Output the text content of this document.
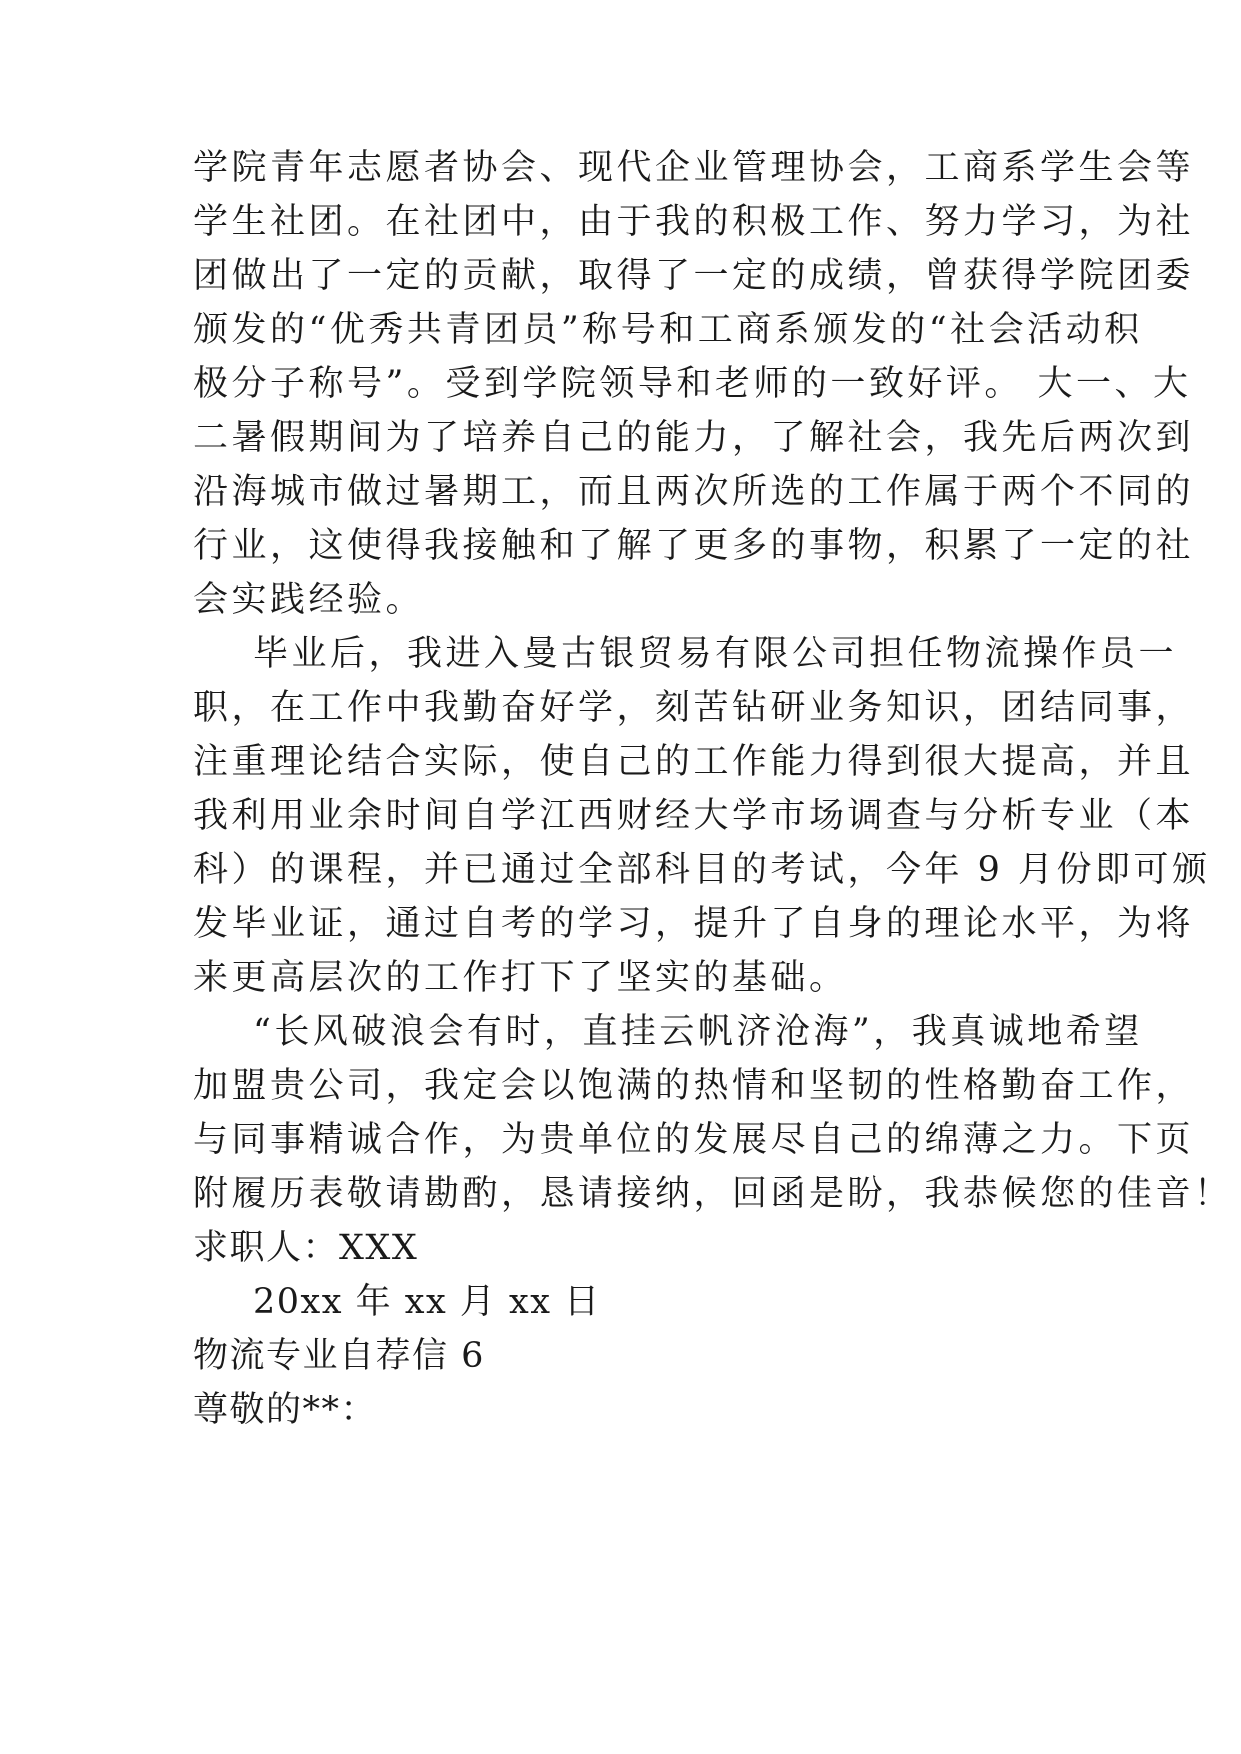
学院青年志愿者协会、现代企业管理协会，工商系学生会等
学生社团。在社团中，由于我的积极工作、努力学习，为社
团做出了一定的贡献，取得了一定的成绩，曾获得学院团委
颁发的“优秀共青团员”称号和工商系颁发的“社会活动积
极分子称号”。受到学院领导和老师的一致好评。 大一、大
二暑假期间为了培养自己的能力，了解社会，我先后两次到
沿海城市做过暑期工，而且两次所选的工作属于两个不同的
行业，这使得我接触和了解了更多的事物，积累了一定的社
会实践经验。
毕业后，我进入曼古银贸易有限公司担任物流操作员一
职，在工作中我勤奋好学，刻苦钻研业务知识，团结同事，
注重理论结合实际，使自己的工作能力得到很大提高，并且
我利用业余时间自学江西财经大学市场调查与分析专业（本
科）的课程，并已通过全部科目的考试，今年 9 月份即可颁
发毕业证，通过自考的学习，提升了自身的理论水平，为将
来更高层次的工作打下了坚实的基础。
“长风破浪会有时，直挂云帆济沧海”，我真诚地希望
加盟贵公司，我定会以饱满的热情和坚韧的性格勤奋工作，
与同事精诚合作，为贵单位的发展尽自己的绵薄之力。下页
附履历表敬请勘酌，恳请接纳，回函是盼，我恭候您的佳音！
求职人：XXX
20xx 年 xx 月 xx 日
物流专业自荐信 6
尊敬的**：
